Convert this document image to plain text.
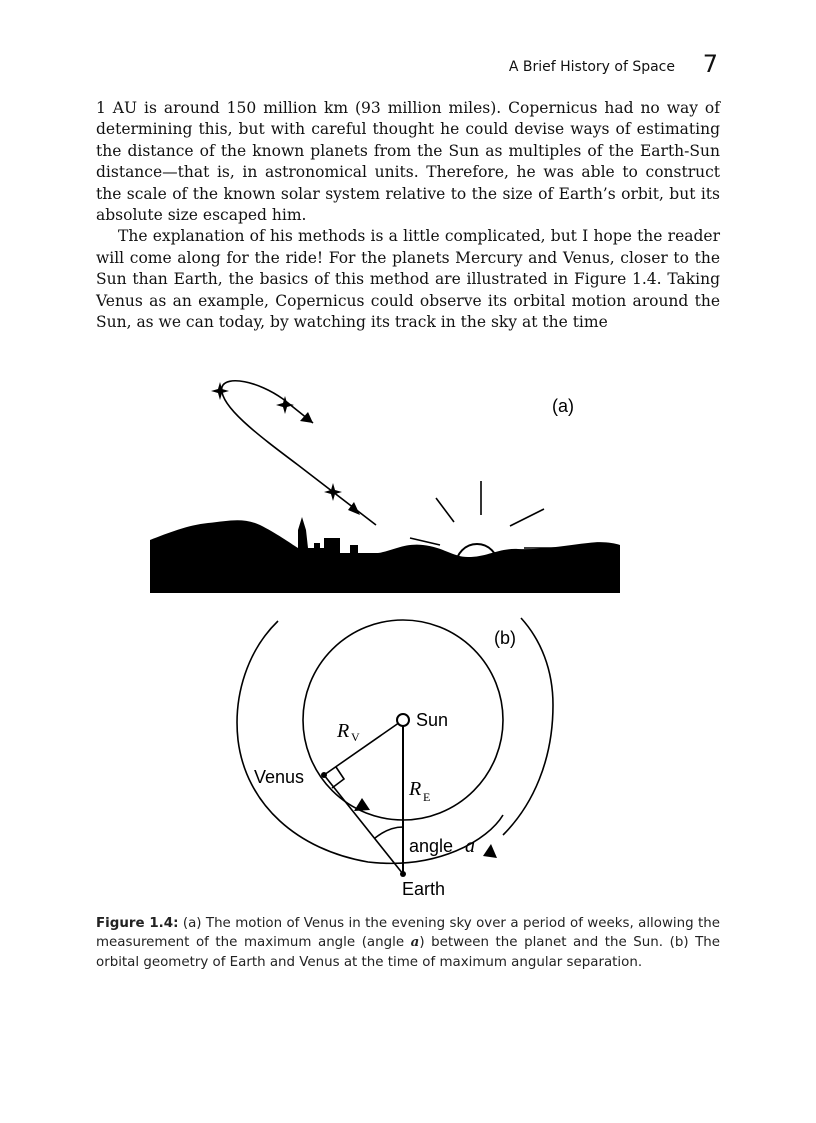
A Brief History of Space 7

1 AU is around 150 million km (93 million miles). Copernicus had no way of determining this, but with careful thought he could devise ways of estimating the distance of the known planets from the Sun as multiples of the Earth-Sun distance—that is, in astronomical units. Therefore, he was able to construct the scale of the known solar system relative to the size of Earth’s orbit, but its absolute size escaped him.

The explanation of his methods is a little complicated, but I hope the reader will come along for the ride! For the planets Mercury and Venus, closer to the Sun than Earth, the basics of this method are illustrated in Figure 1.4. Taking Venus as an example, Copernicus could observe its orbital motion around the Sun, as we can today, by watching its track in the sky at the time

(a)
(b)
Sun
Venus
Earth
R V
R E
angle a

Figure 1.4: (a) The motion of Venus in the evening sky over a period of weeks, allowing the measurement of the maximum angle (angle a) between the planet and the Sun. (b) The orbital geometry of Earth and Venus at the time of maximum angular separation.
